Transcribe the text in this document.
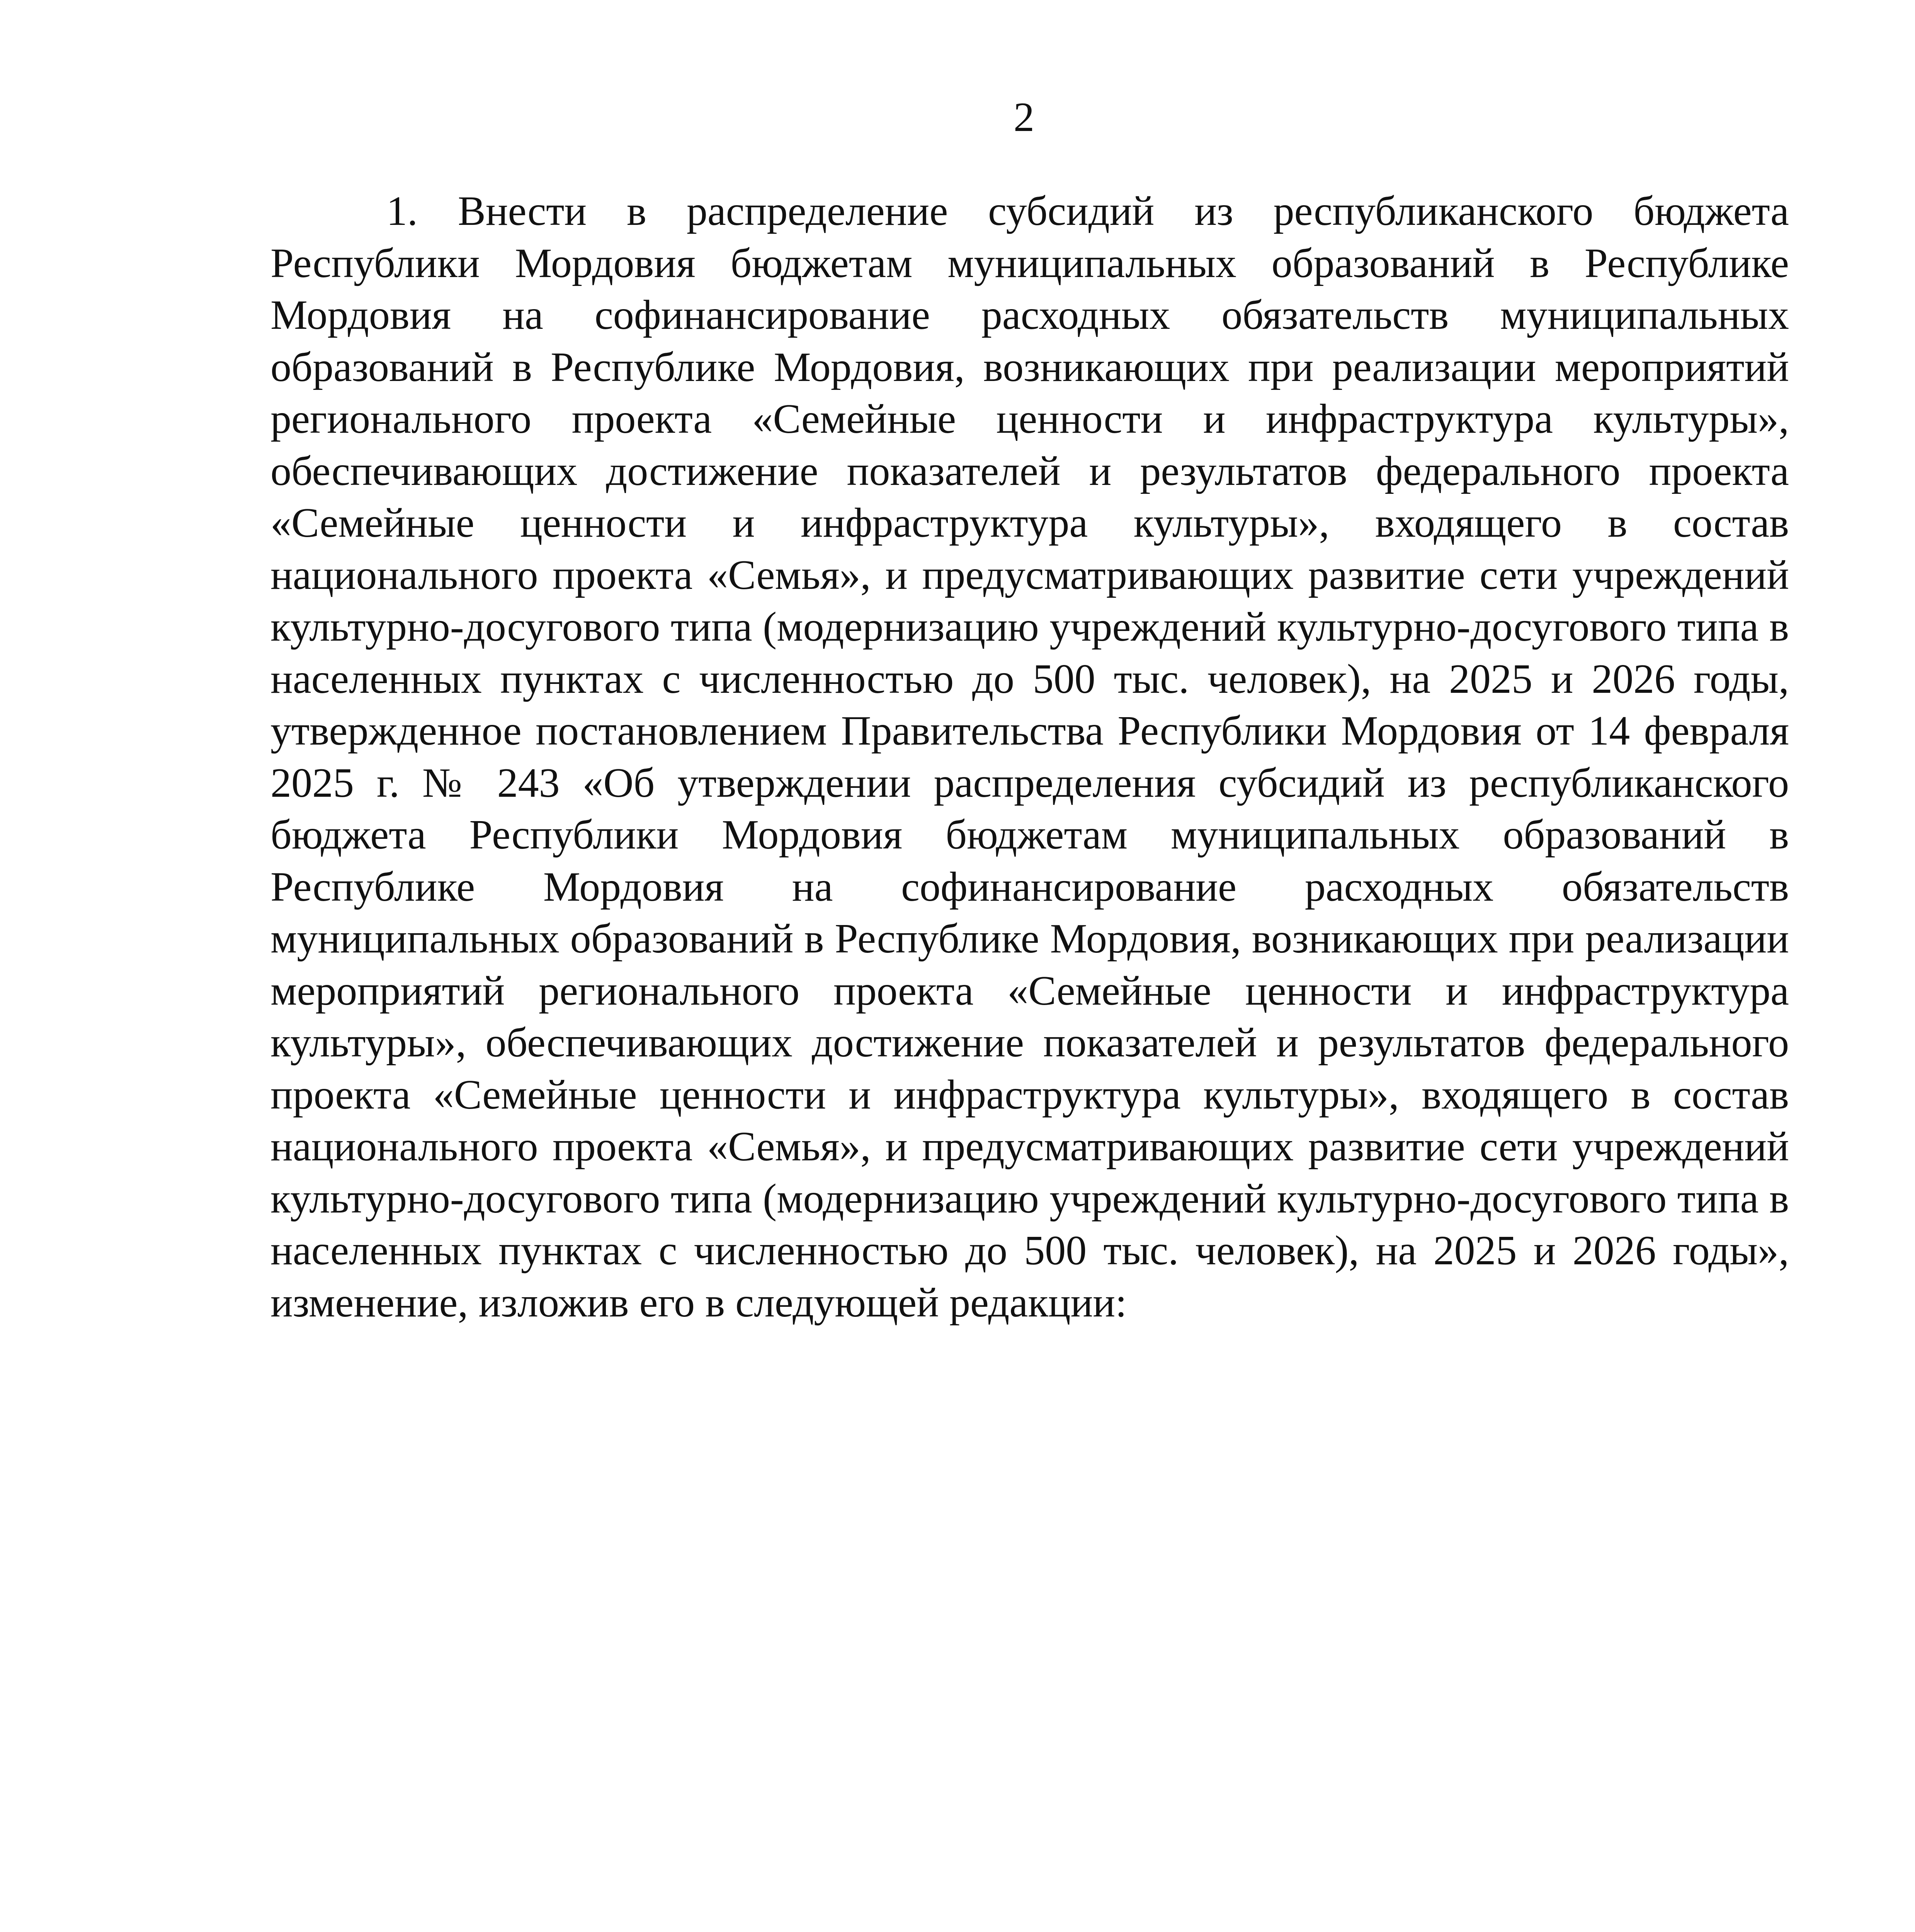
2

1. Внести в распределение субсидий из республиканского бюджета Республики Мордовия бюджетам муниципальных образований в Республике Мордовия на софинансирование расходных обязательств муниципальных образований в Республике Мордовия, возникающих при реализации мероприятий регионального проекта «Семейные ценности и инфраструктура культуры», обеспечивающих достижение показателей и результатов федерального проекта «Семейные ценности и инфраструктура культуры», входящего в состав национального проекта «Семья», и предусматривающих развитие сети учреждений культурно-досугового типа (модернизацию учреждений культурно-досугового типа в населенных пунктах с численностью до 500 тыс. человек), на 2025 и 2026 годы, утвержденное постановлением Правительства Республики Мордовия от 14 февраля 2025 г. № 243 «Об утверждении распределения субсидий из республиканского бюджета Республики Мордовия бюджетам муниципальных образований в Республике Мордовия на софинансирование расходных обязательств муниципальных образований в Республике Мордовия, возникающих при реализации мероприятий регионального проекта «Семейные ценности и инфраструктура культуры», обеспечивающих достижение показателей и результатов федерального проекта «Семейные ценности и инфраструктура культуры», входящего в состав национального проекта «Семья», и предусматривающих развитие сети учреждений культурно-досугового типа (модернизацию учреждений культурно-досугового типа в населенных пунктах с численностью до 500 тыс. человек), на 2025 и 2026 годы», изменение, изложив его в следующей редакции:
